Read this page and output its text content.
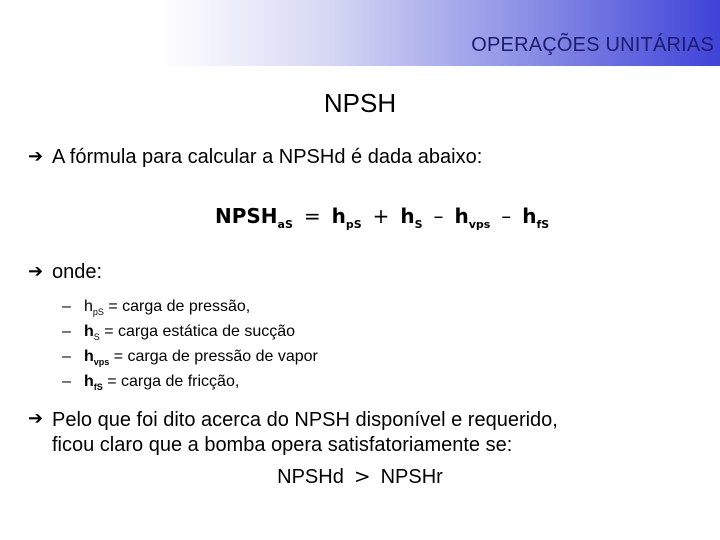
OPERAÇÕES UNITÁRIAS
NPSH
➔ A fórmula para calcular a NPSHd é dada abaixo:
$NPSH_{aS} = h_{pS} + h_S - h_{vps} - h_{fS}$
➔ onde:
– $h_{pS}$ = carga de pressão,
– $h_S$ = carga estática de sucção
– $h_{vps}$ = carga de pressão de vapor
– $h_{fS}$ = carga de fricção,
➔ Pelo que foi dito acerca do NPSH disponível e requerido,
ficou claro que a bomba opera satisfatoriamente se:
NPSHd > NPSHr
